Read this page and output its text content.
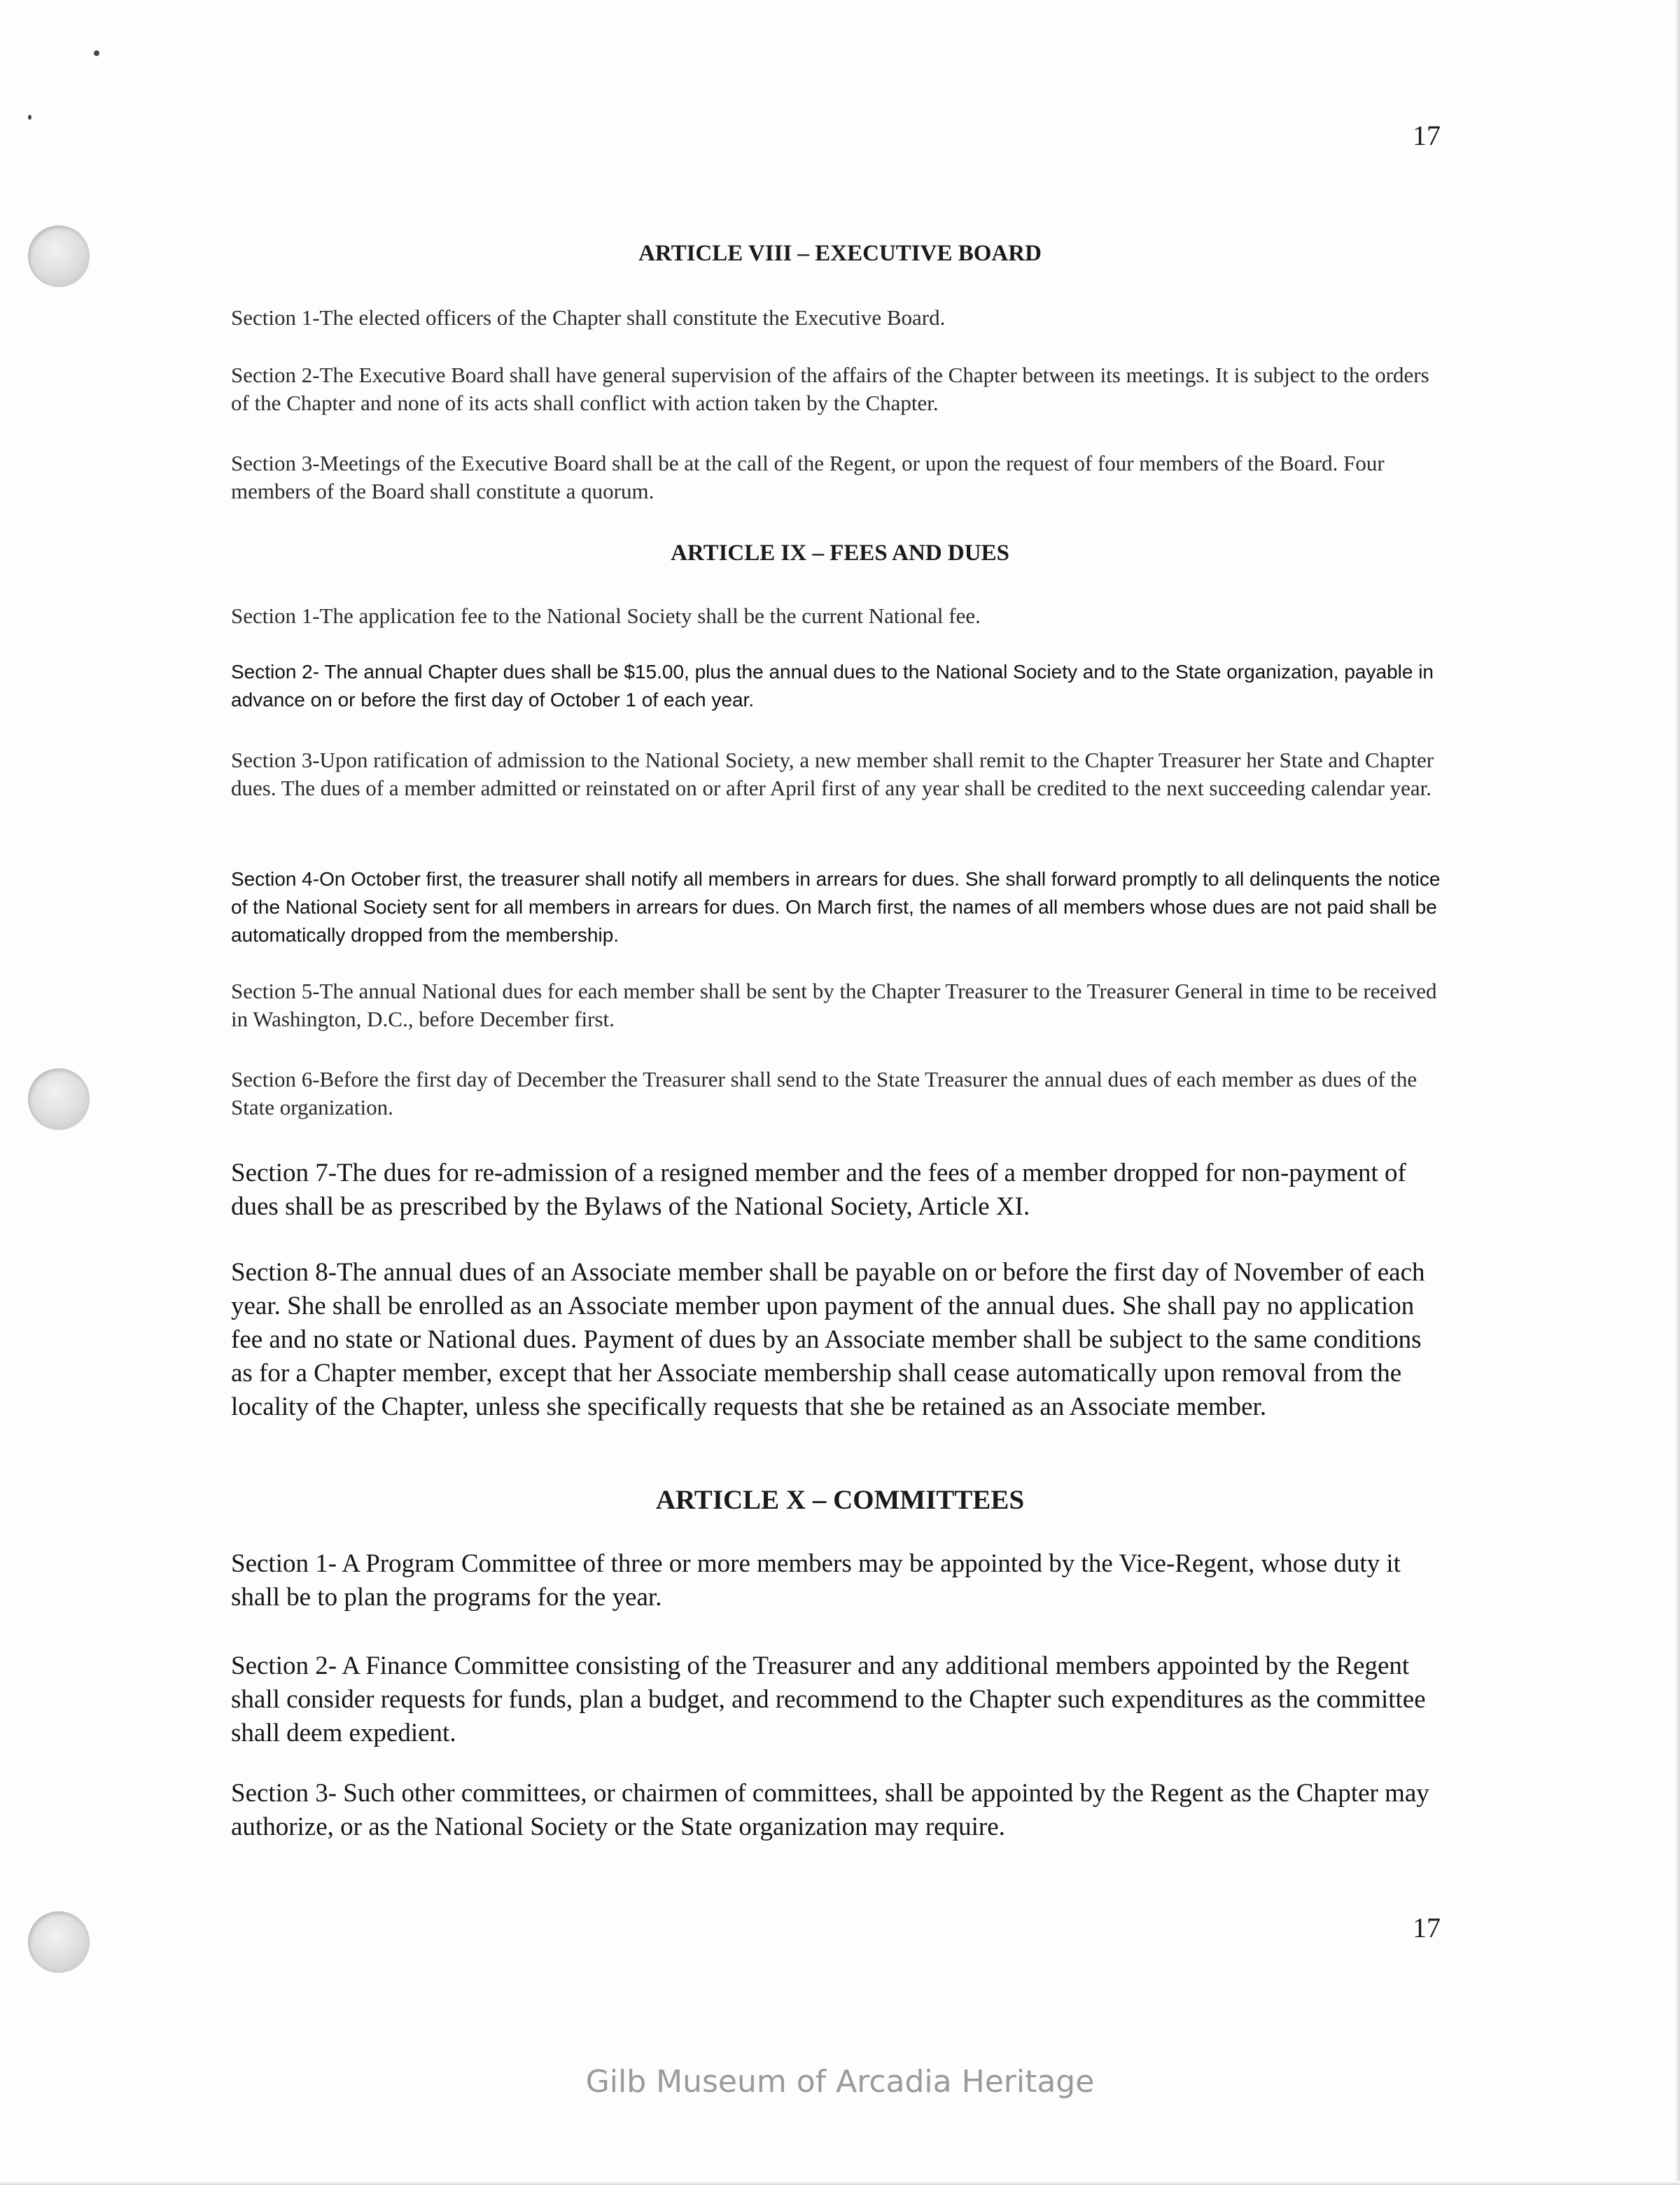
17
ARTICLE VIII – EXECUTIVE BOARD
Section 1-The elected officers of the Chapter shall constitute the Executive Board.
Section 2-The Executive Board shall have general supervision of the affairs of the Chapter between its meetings. It is subject to the orders of the Chapter and none of its acts shall conflict with action taken by the Chapter.
Section 3-Meetings of the Executive Board shall be at the call of the Regent, or upon the request of four members of the Board. Four members of the Board shall constitute a quorum.
ARTICLE IX – FEES AND DUES
Section 1-The application fee to the National Society shall be the current National fee.
Section 2- The annual Chapter dues shall be $15.00, plus the annual dues to the National Society and to the State organization, payable in advance on or before the first day of October 1 of each year.
Section 3-Upon ratification of admission to the National Society, a new member shall remit to the Chapter Treasurer her State and Chapter dues. The dues of a member admitted or reinstated on or after April first of any year shall be credited to the next succeeding calendar year.
Section 4-On October first, the treasurer shall notify all members in arrears for dues. She shall forward promptly to all delinquents the notice of the National Society sent for all members in arrears for dues. On March first, the names of all members whose dues are not paid shall be automatically dropped from the membership.
Section 5-The annual National dues for each member shall be sent by the Chapter Treasurer to the Treasurer General in time to be received in Washington, D.C., before December first.
Section 6-Before the first day of December the Treasurer shall send to the State Treasurer the annual dues of each member as dues of the State organization.
Section 7-The dues for re-admission of a resigned member and the fees of a member dropped for non-payment of dues shall be as prescribed by the Bylaws of the National Society, Article XI.
Section 8-The annual dues of an Associate member shall be payable on or before the first day of November of each year. She shall be enrolled as an Associate member upon payment of the annual dues. She shall pay no application fee and no state or National dues. Payment of dues by an Associate member shall be subject to the same conditions as for a Chapter member, except that her Associate membership shall cease automatically upon removal from the locality of the Chapter, unless she specifically requests that she be retained as an Associate member.
ARTICLE X – COMMITTEES
Section 1- A Program Committee of three or more members may be appointed by the Vice-Regent, whose duty it shall be to plan the programs for the year.
Section 2- A Finance Committee consisting of the Treasurer and any additional members appointed by the Regent shall consider requests for funds, plan a budget, and recommend to the Chapter such expenditures as the committee shall deem expedient.
Section 3- Such other committees, or chairmen of committees, shall be appointed by the Regent as the Chapter may authorize, or as the National Society or the State organization may require.
17
Gilb Museum of Arcadia Heritage
